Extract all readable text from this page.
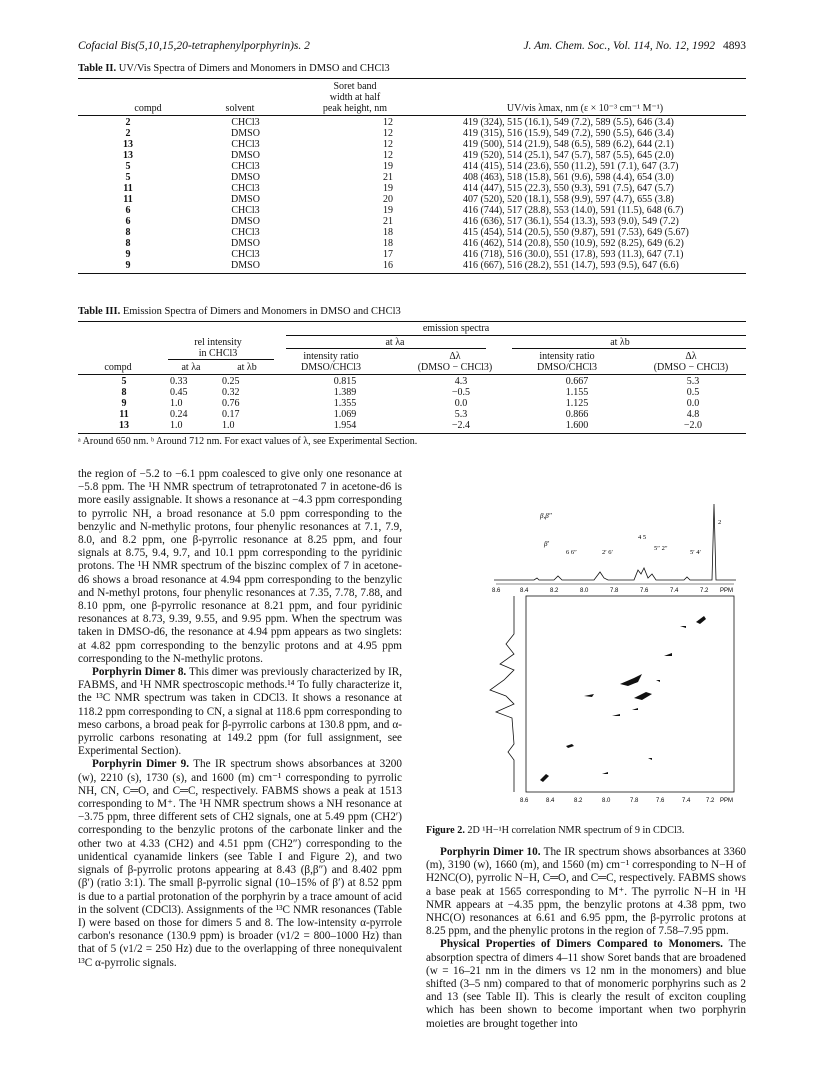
Cofacial Bis(5,10,15,20-tetraphenylporphyrin)s. 2	J. Am. Chem. Soc., Vol. 114, No. 12, 1992 4893
Table II. UV/Vis Spectra of Dimers and Monomers in DMSO and CHCl3
Soret band
width at half
peak height, nm
compd	solvent	UV/vis λmax, nm (ε × 10⁻³ cm⁻¹ M⁻¹)
2	CHCl3	12	419 (324), 515 (16.1), 549 (7.2), 589 (5.5), 646 (3.4)
2	DMSO	12	419 (315), 516 (15.9), 549 (7.2), 590 (5.5), 646 (3.4)
13	CHCl3	12	419 (500), 514 (21.9), 548 (6.5), 589 (6.2), 644 (2.1)
13	DMSO	12	419 (520), 514 (25.1), 547 (5.7), 587 (5.5), 645 (2.0)
5	CHCl3	19	414 (415), 514 (23.6), 550 (11.2), 591 (7.1), 647 (3.7)
5	DMSO	21	408 (463), 518 (15.8), 561 (9.6), 598 (4.4), 654 (3.0)
11	CHCl3	19	414 (447), 515 (22.3), 550 (9.3), 591 (7.5), 647 (5.7)
11	DMSO	20	407 (520), 520 (18.1), 558 (9.9), 597 (4.7), 655 (3.8)
6	CHCl3	19	416 (744), 517 (28.8), 553 (14.0), 591 (11.5), 648 (6.7)
6	DMSO	21	416 (636), 517 (36.1), 554 (13.3), 593 (9.0), 549 (7.2)
8	CHCl3	18	415 (454), 514 (20.5), 550 (9.87), 591 (7.53), 649 (5.67)
8	DMSO	18	416 (462), 514 (20.8), 550 (10.9), 592 (8.25), 649 (6.2)
9	CHCl3	17	416 (718), 516 (30.0), 551 (17.8), 593 (11.3), 647 (7.1)
9	DMSO	16	416 (667), 516 (28.2), 551 (14.7), 593 (9.5), 647 (6.6)
Table III. Emission Spectra of Dimers and Monomers in DMSO and CHCl3
emission spectra
rel intensity
in CHCl3
at λa	at λb
intensity ratio
DMSO/CHCl3
Δλ
(DMSO − CHCl3)
intensity ratio
DMSO/CHCl3
Δλ
(DMSO − CHCl3)
compd	at λa	at λb
5	0.33	0.25	0.815	4.3	0.667	5.3
8	0.45	0.32	1.389	−0.5	1.155	0.5
9	1.0	0.76	1.355	0.0	1.125	0.0
11	0.24	0.17	1.069	5.3	0.866	4.8
13	1.0	1.0	1.954	−2.4	1.600	−2.0
ᵃ Around 650 nm. ᵇ Around 712 nm. For exact values of λ, see Experimental Section.

the region of −5.2 to −6.1 ppm coalesced to give only one resonance at −5.8 ppm. The ¹H NMR spectrum of tetraprotonated 7 in acetone-d6 is more easily assignable. It shows a resonance at −4.3 ppm corresponding to pyrrolic NH, a broad resonance at 5.0 ppm corresponding to the benzylic and N-methylic protons, four phenylic resonances at 7.1, 7.9, 8.0, and 8.2 ppm, one β-pyrrolic resonance at 8.25 ppm, and four signals at 8.75, 9.4, 9.7, and 10.1 ppm corresponding to the pyridinic protons. The ¹H NMR spectrum of the biszinc complex of 7 in acetone-d6 shows a broad resonance at 4.94 ppm corresponding to the benzylic and N-methyl protons, four phenylic resonances at 7.35, 7.78, 7.88, and 8.10 ppm, one β-pyrrolic resonance at 8.21 ppm, and four pyridinic resonances at 8.73, 9.39, 9.55, and 9.95 ppm. When the spectrum was taken in DMSO-d6, the resonance at 4.94 ppm appears as two singlets: at 4.82 ppm corresponding to the benzylic protons and at 4.95 ppm corresponding to the N-methylic protons.

Porphyrin Dimer 8. This dimer was previously characterized by IR, FABMS, and ¹H NMR spectroscopic methods.¹⁴ To fully characterize it, the ¹³C NMR spectrum was taken in CDCl3. It shows a resonance at 118.2 ppm corresponding to CN, a signal at 118.6 ppm corresponding to meso carbons, a broad peak for β-pyrrolic carbons at 130.8 ppm, and α-pyrrolic carbons resonating at 149.2 ppm (for full assignment, see Experimental Section).

Porphyrin Dimer 9. The IR spectrum shows absorbances at 3200 (w), 2210 (s), 1730 (s), and 1600 (m) cm⁻¹ corresponding to pyrrolic NH, CN, C═O, and C═C, respectively. FABMS shows a peak at 1513 corresponding to M⁺. The ¹H NMR spectrum shows a NH resonance at −3.75 ppm, three different sets of CH2 signals, one at 5.49 ppm (CH2′) corresponding to the benzylic protons of the carbonate linker and the other two at 4.33 (CH2) and 4.51 ppm (CH2″) corresponding to the unidentical cyanamide linkers (see Table I and Figure 2), and two signals of β-pyrrolic protons appearing at 8.43 (β,β″) and 8.402 ppm (β′) (ratio 3:1). The small β-pyrrolic signal (10–15% of β′) at 8.52 ppm is due to a partial protonation of the porphyrin by a trace amount of acid in the solvent (CDCl3). Assignments of the ¹³C NMR resonances (Table I) were based on those for dimers 5 and 8. The low-intensity α-pyrrole carbon's resonance (130.9 ppm) is broader (ν1/2 = 800–1000 Hz) than that of 5 (ν1/2 = 250 Hz) due to the overlapping of three nonequivalent ¹³C α-pyrrolic signals.

β,β″
β′
6 6″	2′ 6′
4 5
5″ 2″
5′ 4′
2
8.6	8.4	8.2	8.0	7.8	7.6	7.4	7.2 PPM
8.6	8.4	8.2	8.0	7.8	7.6	7.4	7.2 PPM
Figure 2. 2D ¹H−¹H correlation NMR spectrum of 9 in CDCl3.

Porphyrin Dimer 10. The IR spectrum shows absorbances at 3360 (m), 3190 (w), 1660 (m), and 1560 (m) cm⁻¹ corresponding to N−H of H2NC(O), pyrrolic N−H, C═O, and C═C, respectively. FABMS shows a base peak at 1565 corresponding to M⁺. The pyrrolic N−H in ¹H NMR appears at −4.35 ppm, the benzylic protons at 4.38 ppm, two NHC(O) resonances at 6.61 and 6.95 ppm, the β-pyrrolic protons at 8.25 ppm, and the phenylic protons in the region of 7.58–7.95 ppm.

Physical Properties of Dimers Compared to Monomers. The absorption spectra of dimers 4–11 show Soret bands that are broadened (w = 16–21 nm in the dimers vs 12 nm in the monomers) and blue shifted (3–5 nm) compared to that of monomeric porphyrins such as 2 and 13 (see Table II). This is clearly the result of exciton coupling which has been shown to become important when two porphyrin moieties are brought together into
